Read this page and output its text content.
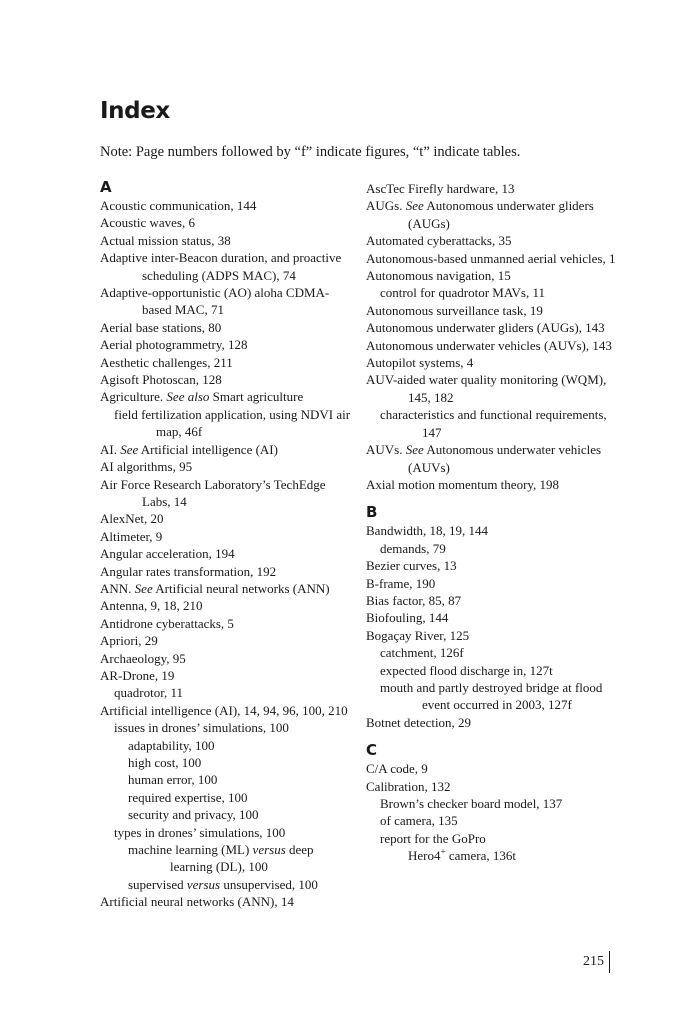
Index

Note: Page numbers followed by “f” indicate figures, “t” indicate tables.

A
Acoustic communication, 144
Acoustic waves, 6
Actual mission status, 38
Adaptive inter-Beacon duration, and proactive scheduling (ADPS MAC), 74
Adaptive-opportunistic (AO) aloha CDMA-based MAC, 71
Aerial base stations, 80
Aerial photogrammetry, 128
Aesthetic challenges, 211
Agisoft Photoscan, 128
Agriculture. See also Smart agriculture
field fertilization application, using NDVI air map, 46f
AI. See Artificial intelligence (AI)
AI algorithms, 95
Air Force Research Laboratory’s TechEdge Labs, 14
AlexNet, 20
Altimeter, 9
Angular acceleration, 194
Angular rates transformation, 192
ANN. See Artificial neural networks (ANN)
Antenna, 9, 18, 210
Antidrone cyberattacks, 5
Apriori, 29
Archaeology, 95
AR-Drone, 19
quadrotor, 11
Artificial intelligence (AI), 14, 94, 96, 100, 210
issues in drones’ simulations, 100
adaptability, 100
high cost, 100
human error, 100
required expertise, 100
security and privacy, 100
types in drones’ simulations, 100
machine learning (ML) versus deep learning (DL), 100
supervised versus unsupervised, 100
Artificial neural networks (ANN), 14
AscTec Firefly hardware, 13
AUGs. See Autonomous underwater gliders (AUGs)
Automated cyberattacks, 35
Autonomous-based unmanned aerial vehicles, 1
Autonomous navigation, 15
control for quadrotor MAVs, 11
Autonomous surveillance task, 19
Autonomous underwater gliders (AUGs), 143
Autonomous underwater vehicles (AUVs), 143
Autopilot systems, 4
AUV-aided water quality monitoring (WQM), 145, 182
characteristics and functional requirements, 147
AUVs. See Autonomous underwater vehicles (AUVs)
Axial motion momentum theory, 198
B
Bandwidth, 18, 19, 144
demands, 79
Bezier curves, 13
B-frame, 190
Bias factor, 85, 87
Biofouling, 144
Bogaçay River, 125
catchment, 126f
expected flood discharge in, 127t
mouth and partly destroyed bridge at flood event occurred in 2003, 127f
Botnet detection, 29
C
C/A code, 9
Calibration, 132
Brown’s checker board model, 137
of camera, 135
report for the GoPro
Hero4+ camera, 136t
215
